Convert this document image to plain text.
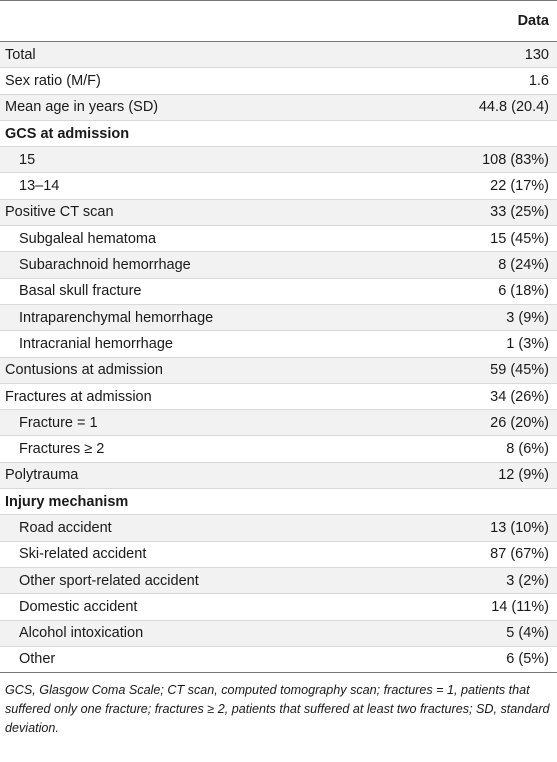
Data
Total	130
Sex ratio (M/F)	1.6
Mean age in years (SD)	44.8 (20.4)
GCS at admission
15	108 (83%)
13–14	22 (17%)
Positive CT scan	33 (25%)
Subgaleal hematoma	15 (45%)
Subarachnoid hemorrhage	8 (24%)
Basal skull fracture	6 (18%)
Intraparenchymal hemorrhage	3 (9%)
Intracranial hemorrhage	1 (3%)
Contusions at admission	59 (45%)
Fractures at admission	34 (26%)
Fracture = 1	26 (20%)
Fractures ≥ 2	8 (6%)
Polytrauma	12 (9%)
Injury mechanism
Road accident	13 (10%)
Ski-related accident	87 (67%)
Other sport-related accident	3 (2%)
Domestic accident	14 (11%)
Alcohol intoxication	5 (4%)
Other	6 (5%)
GCS, Glasgow Coma Scale; CT scan, computed tomography scan; fractures = 1, patients that suffered only one fracture; fractures ≥ 2, patients that suffered at least two fractures; SD, standard deviation.
